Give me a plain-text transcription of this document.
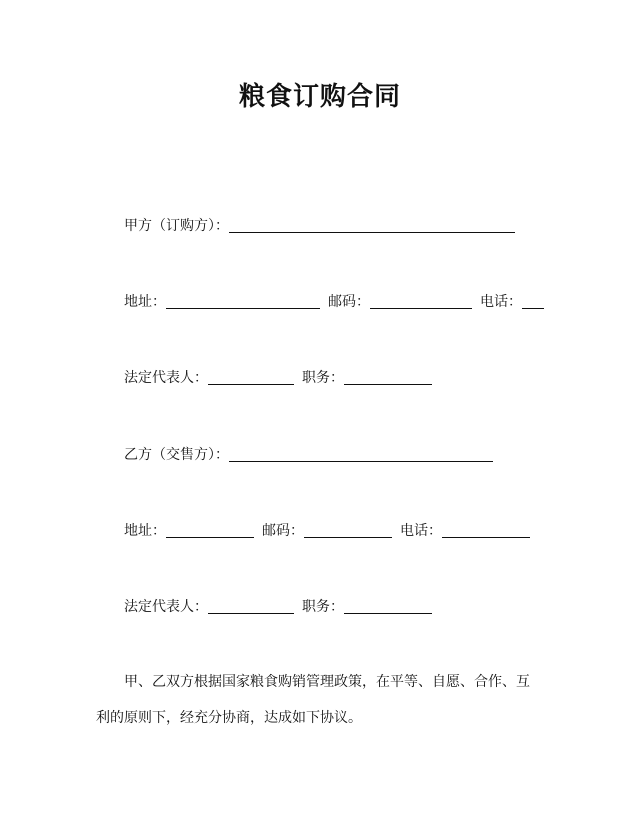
粮食订购合同
甲方（订购方）：
地址：	邮码：	电话：
法定代表人：	职务：
乙方（交售方）：
地址：	邮码：	电话：
法定代表人：	职务：
甲、乙双方根据国家粮食购销管理政策，在平等、自愿、合作、互
利的原则下，经充分协商，达成如下协议。
